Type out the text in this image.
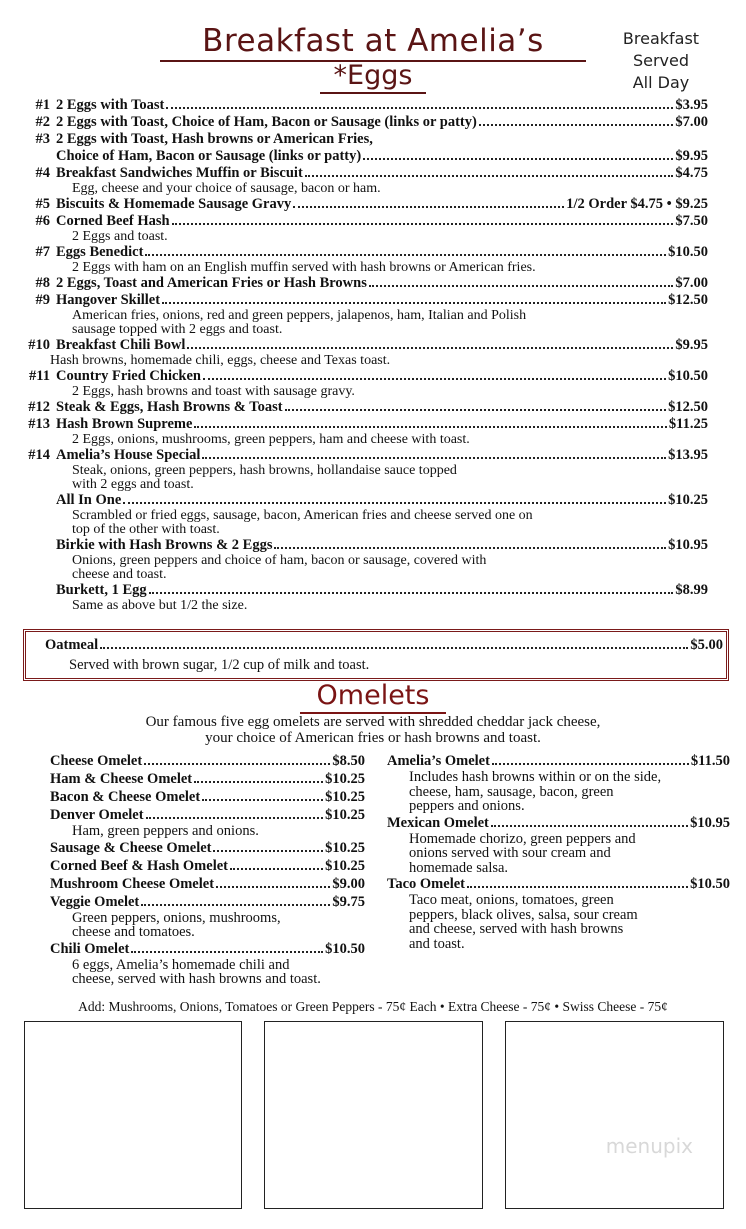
Breakfast at Amelia’s
*Eggs
Breakfast
Served
All Day
#1 2 Eggs with Toast	$3.95
#2 2 Eggs with Toast, Choice of Ham, Bacon or Sausage (links or patty)	$7.00
#3 2 Eggs with Toast, Hash browns or American Fries,
Choice of Ham, Bacon or Sausage (links or patty)	$9.95
#4 Breakfast Sandwiches Muffin or Biscuit	$4.75
Egg, cheese and your choice of sausage, bacon or ham.
#5 Biscuits & Homemade Sausage Gravy	1/2 Order $4.75 • $9.25
#6 Corned Beef Hash	$7.50
2 Eggs and toast.
#7 Eggs Benedict	$10.50
2 Eggs with ham on an English muffin served with hash browns or American fries.
#8 2 Eggs, Toast and American Fries or Hash Browns	$7.00
#9 Hangover Skillet	$12.50
American fries, onions, red and green peppers, jalapenos, ham, Italian and Polish
sausage topped with 2 eggs and toast.
#10 Breakfast Chili Bowl	$9.95
Hash browns, homemade chili, eggs, cheese and Texas toast.
#11 Country Fried Chicken	$10.50
2 Eggs, hash browns and toast with sausage gravy.
#12 Steak & Eggs, Hash Browns & Toast	$12.50
#13 Hash Brown Supreme	$11.25
2 Eggs, onions, mushrooms, green peppers, ham and cheese with toast.
#14 Amelia’s House Special	$13.95
Steak, onions, green peppers, hash browns, hollandaise sauce topped
with 2 eggs and toast.
All In One	$10.25
Scrambled or fried eggs, sausage, bacon, American fries and cheese served one on
top of the other with toast.
Birkie with Hash Browns & 2 Eggs	$10.95
Onions, green peppers and choice of ham, bacon or sausage, covered with
cheese and toast.
Burkett, 1 Egg	$8.99
Same as above but 1/2 the size.
Oatmeal	$5.00
Served with brown sugar, 1/2 cup of milk and toast.
Omelets
Our famous five egg omelets are served with shredded cheddar jack cheese,
your choice of American fries or hash browns and toast.
Cheese Omelet	$8.50
Ham & Cheese Omelet	$10.25
Bacon & Cheese Omelet	$10.25
Denver Omelet	$10.25
Ham, green peppers and onions.
Sausage & Cheese Omelet	$10.25
Corned Beef & Hash Omelet	$10.25
Mushroom Cheese Omelet	$9.00
Veggie Omelet	$9.75
Green peppers, onions, mushrooms,
cheese and tomatoes.
Chili Omelet	$10.50
6 eggs, Amelia’s homemade chili and
cheese, served with hash browns and toast.
Amelia’s Omelet	$11.50
Includes hash browns within or on the side,
cheese, ham, sausage, bacon, green
peppers and onions.
Mexican Omelet	$10.95
Homemade chorizo, green peppers and
onions served with sour cream and
homemade salsa.
Taco Omelet	$10.50
Taco meat, onions, tomatoes, green
peppers, black olives, salsa, sour cream
and cheese, served with hash browns
and toast.
Add: Mushrooms, Onions, Tomatoes or Green Peppers - 75¢ Each • Extra Cheese - 75¢ • Swiss Cheese - 75¢
menupix
